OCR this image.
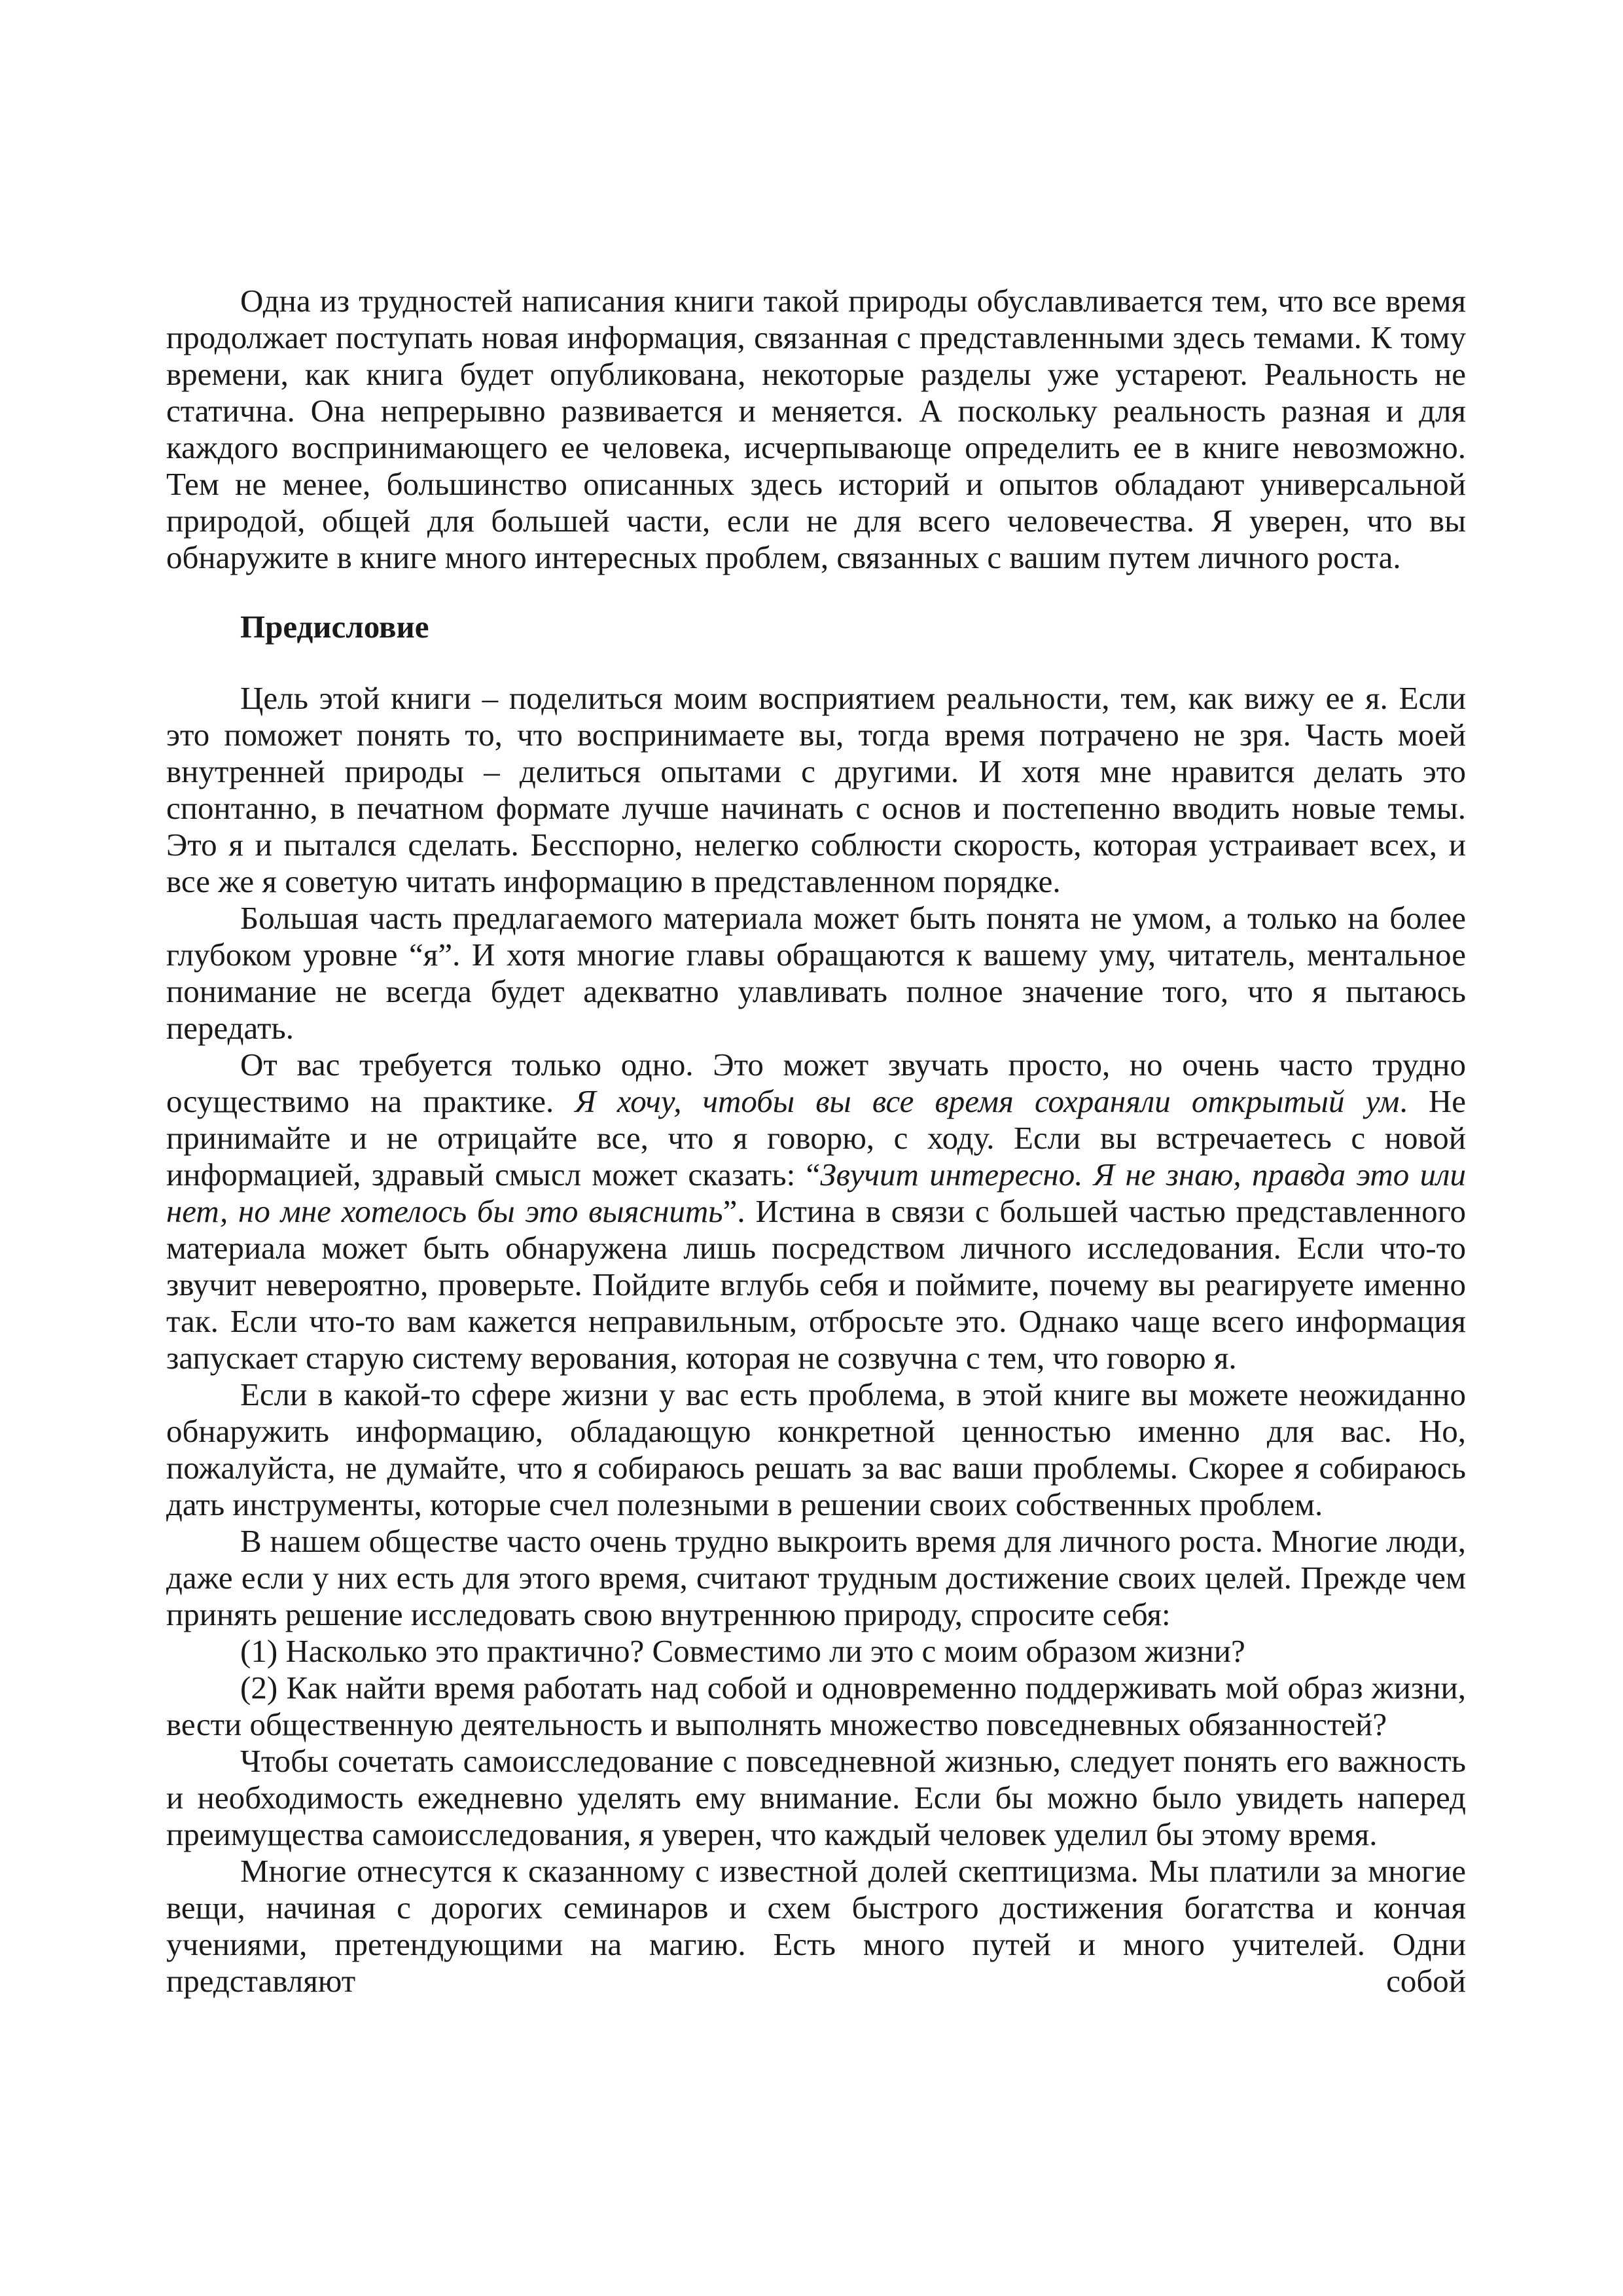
Одна из трудностей написания книги такой природы обуславливается тем, что все время продолжает поступать новая информация, связанная с представленными здесь темами. К тому времени, как книга будет опубликована, некоторые разделы уже устареют. Реальность не статична. Она непрерывно развивается и меняется. А поскольку реальность разная и для каждого воспринимающего ее человека, исчерпывающе определить ее в книге невозможно. Тем не менее, большинство описанных здесь историй и опытов обладают универсальной природой, общей для большей части, если не для всего человечества. Я уверен, что вы обнаружите в книге много интересных проблем, связанных с вашим путем личного роста.

Предисловие

Цель этой книги – поделиться моим восприятием реальности, тем, как вижу ее я. Если это поможет понять то, что воспринимаете вы, тогда время потрачено не зря. Часть моей внутренней природы – делиться опытами с другими. И хотя мне нравится делать это спонтанно, в печатном формате лучше начинать с основ и постепенно вводить новые темы. Это я и пытался сделать. Бесспорно, нелегко соблюсти скорость, которая устраивает всех, и все же я советую читать информацию в представленном порядке.

Большая часть предлагаемого материала может быть понята не умом, а только на более глубоком уровне “я”. И хотя многие главы обращаются к вашему уму, читатель, ментальное понимание не всегда будет адекватно улавливать полное значение того, что я пытаюсь передать.

От вас требуется только одно. Это может звучать просто, но очень часто трудно осуществимо на практике. Я хочу, чтобы вы все время сохраняли открытый ум. Не принимайте и не отрицайте все, что я говорю, с ходу. Если вы встречаетесь с новой информацией, здравый смысл может сказать: “Звучит интересно. Я не знаю, правда это или нет, но мне хотелось бы это выяснить”. Истина в связи с большей частью представленного материала может быть обнаружена лишь посредством личного исследования. Если что-то звучит невероятно, проверьте. Пойдите вглубь себя и поймите, почему вы реагируете именно так. Если что-то вам кажется неправильным, отбросьте это. Однако чаще всего информация запускает старую систему верования, которая не созвучна с тем, что говорю я.

Если в какой-то сфере жизни у вас есть проблема, в этой книге вы можете неожиданно обнаружить информацию, обладающую конкретной ценностью именно для вас. Но, пожалуйста, не думайте, что я собираюсь решать за вас ваши проблемы. Скорее я собираюсь дать инструменты, которые счел полезными в решении своих собственных проблем.

В нашем обществе часто очень трудно выкроить время для личного роста. Многие люди, даже если у них есть для этого время, считают трудным достижение своих целей. Прежде чем принять решение исследовать свою внутреннюю природу, спросите себя:

(1) Насколько это практично? Совместимо ли это с моим образом жизни?

(2) Как найти время работать над собой и одновременно поддерживать мой образ жизни, вести общественную деятельность и выполнять множество повседневных обязанностей?

Чтобы сочетать самоисследование с повседневной жизнью, следует понять его важность и необходимость ежедневно уделять ему внимание. Если бы можно было увидеть наперед преимущества самоисследования, я уверен, что каждый человек уделил бы этому время.

Многие отнесутся к сказанному с известной долей скептицизма. Мы платили за многие вещи, начиная с дорогих семинаров и схем быстрого достижения богатства и кончая учениями, претендующими на магию. Есть много путей и много учителей. Одни представляют собой
